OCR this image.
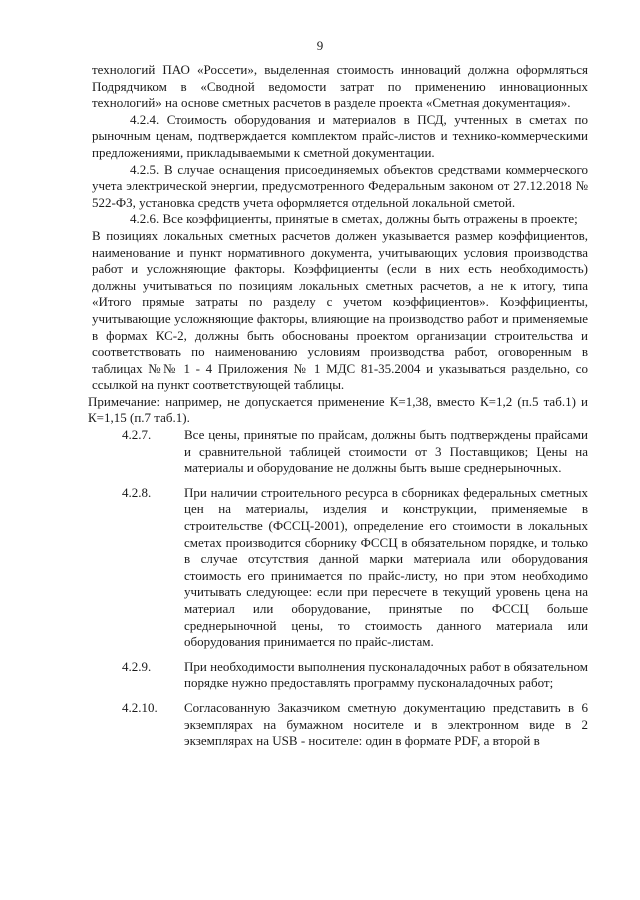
9

технологий ПАО «Россети», выделенная стоимость инноваций должна оформляться Подрядчиком в «Сводной ведомости затрат по применению инновационных технологий» на основе сметных расчетов в разделе проекта «Сметная документация».

4.2.4. Стоимость оборудования и материалов в ПСД, учтенных в сметах по рыночным ценам, подтверждается комплектом прайс-листов и технико-коммерческими предложениями, прикладываемыми к сметной документации.

4.2.5. В случае оснащения присоединяемых объектов средствами коммерческого учета электрической энергии, предусмотренного Федеральным законом от 27.12.2018 № 522-ФЗ, установка средств учета оформляется отдельной локальной сметой.

4.2.6. Все коэффициенты, принятые в сметах, должны быть отражены в проекте;

В позициях локальных сметных расчетов должен указывается размер коэффициентов, наименование и пункт нормативного документа, учитывающих условия производства работ и усложняющие факторы. Коэффициенты (если в них есть необходимость) должны учитываться по позициям локальных сметных расчетов, а не к итогу, типа «Итого прямые затраты по разделу с учетом коэффициентов». Коэффициенты, учитывающие усложняющие факторы, влияющие на производство работ и применяемые в формах КС-2, должны быть обоснованы проектом организации строительства и соответствовать по наименованию условиям производства работ, оговоренным в таблицах №№ 1 - 4 Приложения № 1 МДС 81-35.2004 и указываться раздельно, со ссылкой на пункт соответствующей таблицы.

Примечание: например, не допускается применение К=1,38, вместо К=1,2 (п.5 таб.1) и К=1,15 (п.7 таб.1).

4.2.7.	Все цены, принятые по прайсам, должны быть подтверждены прайсами и сравнительной таблицей стоимости от 3 Поставщиков; Цены на материалы и оборудование не должны быть выше среднерыночных.
4.2.8.	При наличии строительного ресурса в сборниках федеральных сметных цен на материалы, изделия и конструкции, применяемые в строительстве (ФССЦ-2001), определение его стоимости в локальных сметах производится сборнику ФССЦ в обязательном порядке, и только в случае отсутствия данной марки материала или оборудования стоимость его принимается по прайс-листу, но при этом необходимо учитывать следующее: если при пересчете в текущий уровень цена на материал или оборудование, принятые по ФССЦ больше среднерыночной цены, то стоимость данного материала или оборудования принимается по прайс-листам.
4.2.9.	При необходимости выполнения пусконаладочных работ в обязательном порядке нужно предоставлять программу пусконаладочных работ;
4.2.10.	Согласованную Заказчиком сметную документацию представить в 6 экземплярах на бумажном носителе и в электронном виде в 2 экземплярах на USB - носителе: один в формате PDF, а второй в
